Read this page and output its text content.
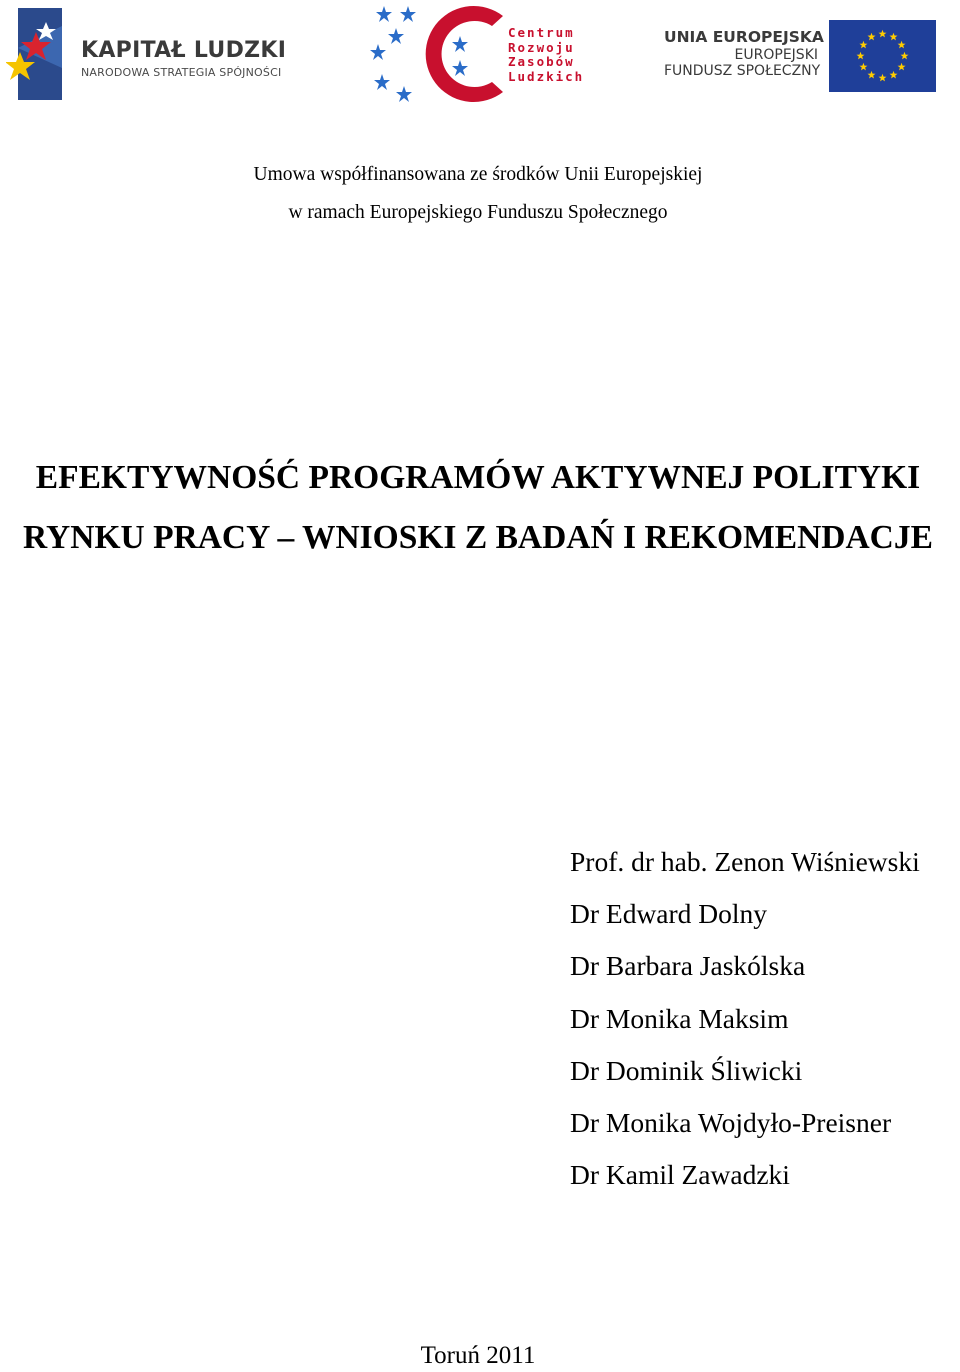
KAPITAŁ LUDZKI
NARODOWA STRATEGIA SPÓJNOŚCI
Centrum
Rozwoju
Zasobów
Ludzkich
UNIA EUROPEJSKA
EUROPEJSKI
FUNDUSZ SPOŁECZNY
Umowa współfinansowana ze środków Unii Europejskiej
w ramach Europejskiego Funduszu Społecznego
EFEKTYWNOŚĆ PROGRAMÓW AKTYWNEJ POLITYKI
RYNKU PRACY – WNIOSKI Z BADAŃ I REKOMENDACJE
Prof. dr hab. Zenon Wiśniewski
Dr Edward Dolny
Dr Barbara Jaskólska
Dr Monika Maksim
Dr Dominik Śliwicki
Dr Monika Wojdyło-Preisner
Dr Kamil Zawadzki
Toruń 2011
